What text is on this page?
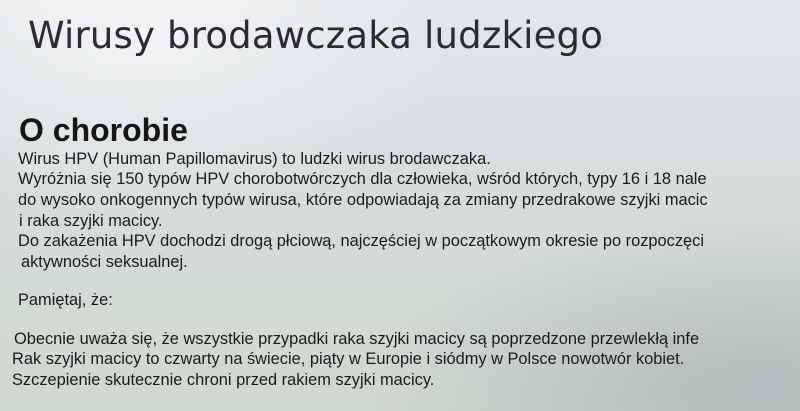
Wirusy brodawczaka ludzkiego
O chorobie

Wirus HPV (Human Papillomavirus) to ludzki wirus brodawczaka.

Wyróżnia się 150 typów HPV chorobotwórczych dla człowieka, wśród których, typy 16 i 18 nale

do wysoko onkogennych typów wirusa, które odpowiadają za zmiany przedrakowe szyjki macic

i raka szyjki macicy.

Do zakażenia HPV dochodzi drogą płciową, najczęściej w początkowym okresie po rozpoczęci

aktywności seksualnej.

Pamiętaj, że:

Obecnie uważa się, że wszystkie przypadki raka szyjki macicy są poprzedzone przewlekłą infe

Rak szyjki macicy to czwarty na świecie, piąty w Europie i siódmy w Polsce nowotwór kobiet.

Szczepienie skutecznie chroni przed rakiem szyjki macicy.
